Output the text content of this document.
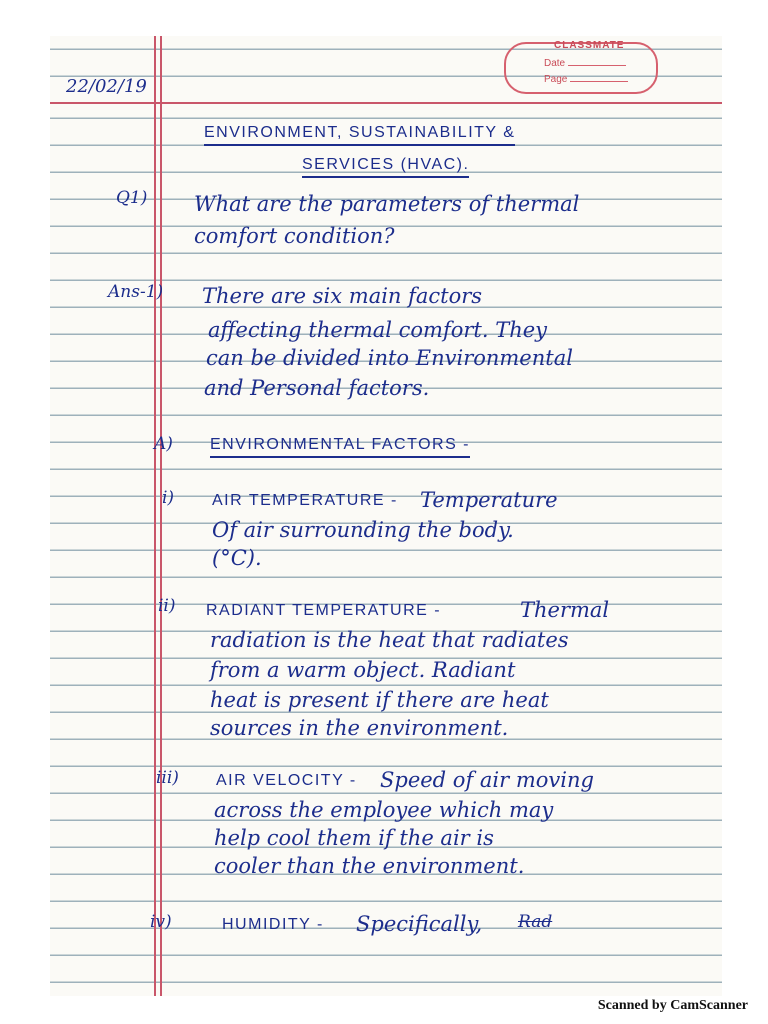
CLASSMATE
Date
Page
22/02/19
ENVIRONMENT, SUSTAINABILITY &
SERVICES (HVAC).
Q1) What are the parameters of thermal
comfort condition?
Ans-1) There are six main factors
affecting thermal comfort. They
can be divided into Environmental
and Personal factors.
A) ENVIRONMENTAL FACTORS -
i) AIR TEMPERATURE - Temperature
Of air surrounding the body.
(°C).
ii) RADIANT TEMPERATURE -	Thermal
radiation is the heat that radiates
from a warm object. Radiant
heat is present if there are heat
sources in the environment.
iii) AIR VELOCITY - Speed of air moving
across the employee which may
help cool them if the air is
cooler than the environment.
iv)	HUMIDITY - Specifically, Rad
Scanned by CamScanner
